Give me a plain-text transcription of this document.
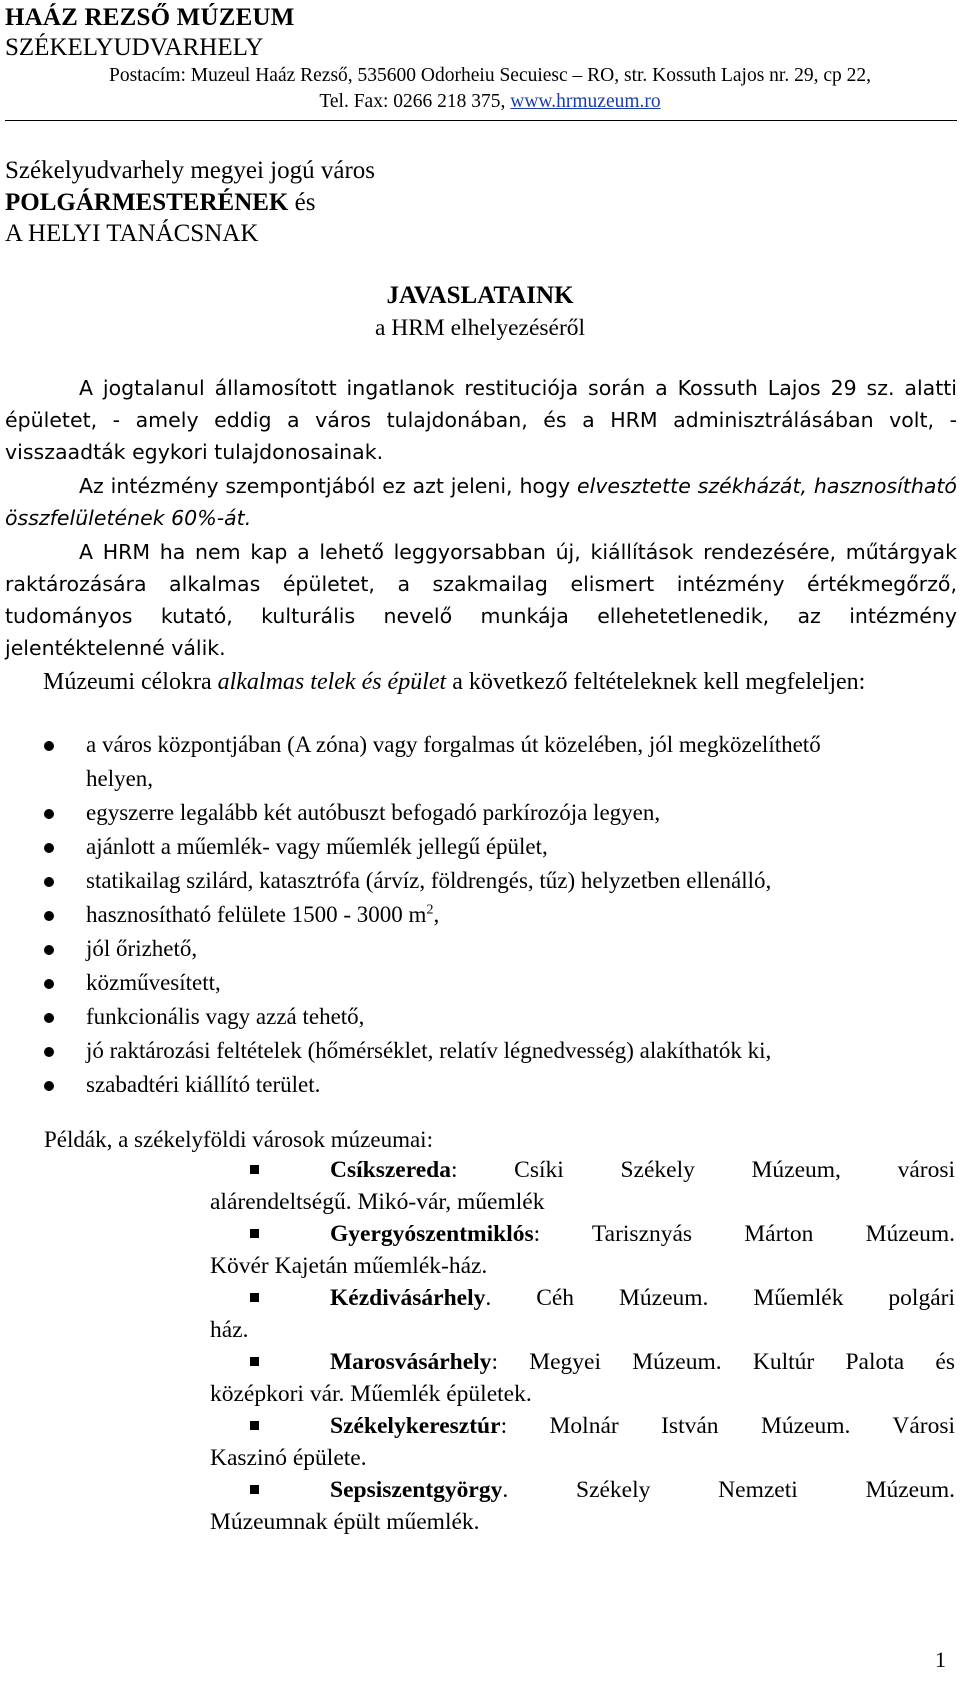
HAÁZ REZSŐ MÚZEUM
SZÉKELYUDVARHELY
Postacím: Muzeul Haáz Rezső, 535600 Odorheiu Secuiesc – RO, str. Kossuth Lajos nr. 29, cp 22,
Tel. Fax: 0266 218 375, www.hrmuzeum.ro
Székelyudvarhely megyei jogú város
POLGÁRMESTERÉNEK és
A HELYI TANÁCSNAK
JAVASLATAINK
a HRM elhelyezéséről
A jogtalanul államosított ingatlanok restituciója során a Kossuth Lajos 29 sz. alatti épületet, - amely eddig a város tulajdonában, és a HRM adminisztrálásában volt, - visszaadták egykori tulajdonosainak.
Az intézmény szempontjából ez azt jeleni, hogy elvesztette székházát, hasznosítható összfelületének 60%-át.
A HRM ha nem kap a lehető leggyorsabban új, kiállítások rendezésére, műtárgyak raktározására alkalmas épületet, a szakmailag elismert intézmény értékmegőrző, tudományos kutató, kulturális nevelő munkája ellehetetlenedik, az intézmény jelentéktelenné válik.
Múzeumi célokra alkalmas telek és épület a következő feltételeknek kell megfeleljen:
a város központjában (A zóna) vagy forgalmas út közelében, jól megközelíthető helyen,
egyszerre legalább két autóbuszt befogadó parkírozója legyen,
ajánlott a műemlék- vagy műemlék jellegű épület,
statikailag szilárd, katasztrófa (árvíz, földrengés, tűz) helyzetben ellenálló,
hasznosítható felülete 1500 - 3000 $m^2$,
jól őrizhető,
közművesített,
funkcionális vagy azzá tehető,
jó raktározási feltételek (hőmérséklet, relatív légnedvesség) alakíthatók ki,
szabadtéri kiállító terület.
Példák, a székelyföldi városok múzeumai:
Csíkszereda: Csíki Székely Múzeum, városi
alárendeltségű. Mikó-vár, műemlék
Gyergyószentmiklós: Tarisznyás Márton Múzeum.
Kövér Kajetán műemlék-ház.
Kézdivásárhely. Céh Múzeum. Műemlék polgári
ház.
Marosvásárhely: Megyei Múzeum. Kultúr Palota és
középkori vár. Műemlék épületek.
Székelykeresztúr: Molnár István Múzeum. Városi
Kaszinó épülete.
Sepsiszentgyörgy.	Székely Nemzeti Múzeum.
Múzeumnak épült műemlék.
1
